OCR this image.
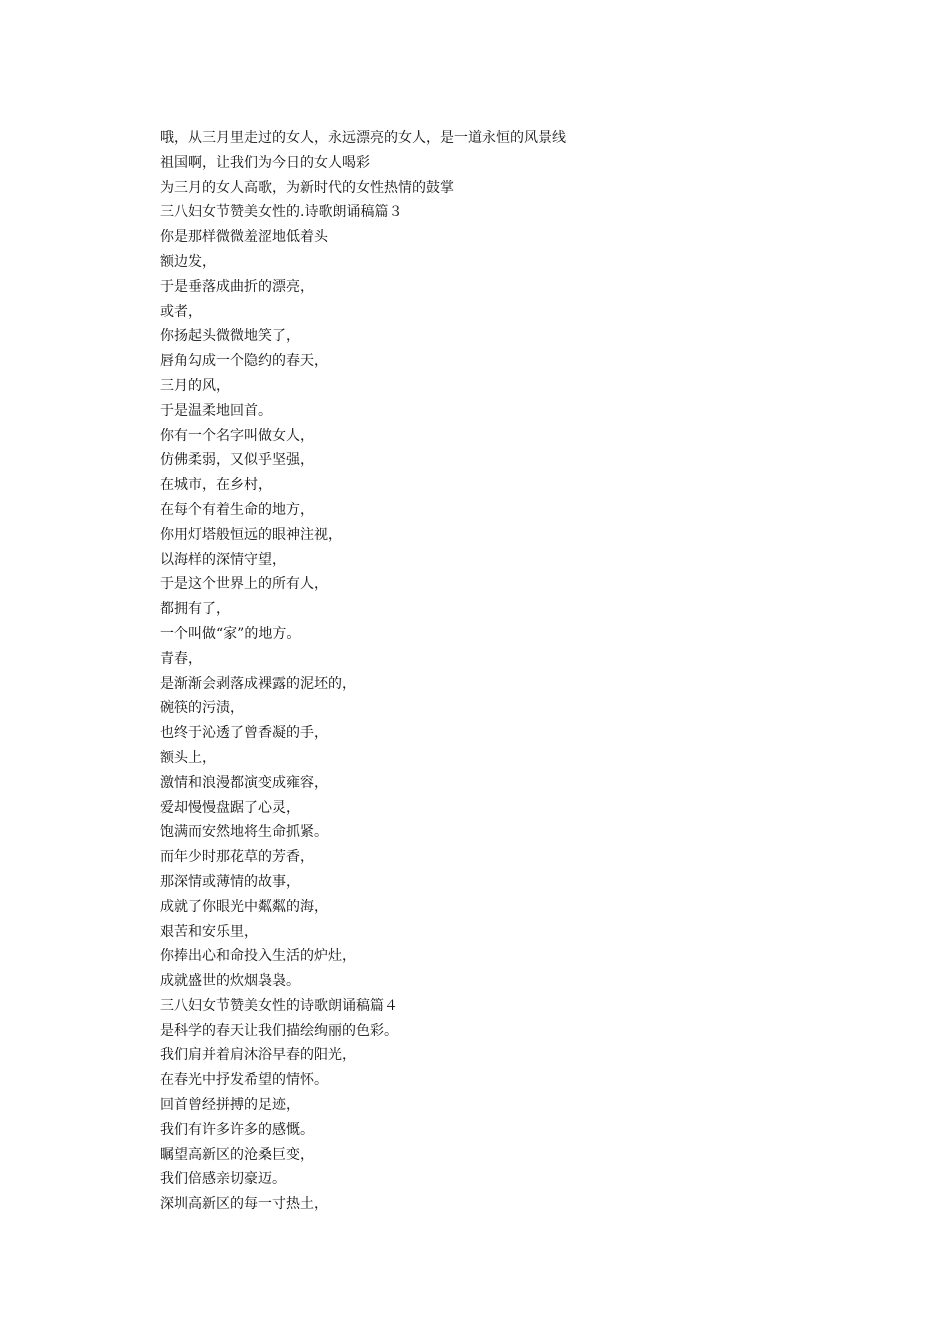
哦，从三月里走过的女人，永远漂亮的女人，是一道永恒的风景线
祖国啊，让我们为今日的女人喝彩
为三月的女人高歌，为新时代的女性热情的鼓掌
三八妇女节赞美女性的.诗歌朗诵稿篇３
你是那样微微羞涩地低着头
额边发，
于是垂落成曲折的漂亮，
或者，
你扬起头微微地笑了，
唇角勾成一个隐约的春天，
三月的风，
于是温柔地回首。
你有一个名字叫做女人，
仿佛柔弱，又似乎坚强，
在城市，在乡村，
在每个有着生命的地方，
你用灯塔般恒远的眼神注视，
以海样的深情守望，
于是这个世界上的所有人，
都拥有了，
一个叫做“家”的地方。
青春，
是渐渐会剥落成裸露的泥坯的，
碗筷的污渍，
也终于沁透了曾香凝的手，
额头上，
激情和浪漫都演变成雍容，
爱却慢慢盘踞了心灵，
饱满而安然地将生命抓紧。
而年少时那花草的芳香，
那深情或薄情的故事，
成就了你眼光中粼粼的海，
艰苦和安乐里，
你捧出心和命投入生活的炉灶，
成就盛世的炊烟袅袅。
三八妇女节赞美女性的诗歌朗诵稿篇４
是科学的春天让我们描绘绚丽的色彩。
我们肩并着肩沐浴早春的阳光，
在春光中抒发希望的情怀。
回首曾经拼搏的足迹，
我们有许多许多的感慨。
瞩望高新区的沧桑巨变，
我们倍感亲切豪迈。
深圳高新区的每一寸热土，
